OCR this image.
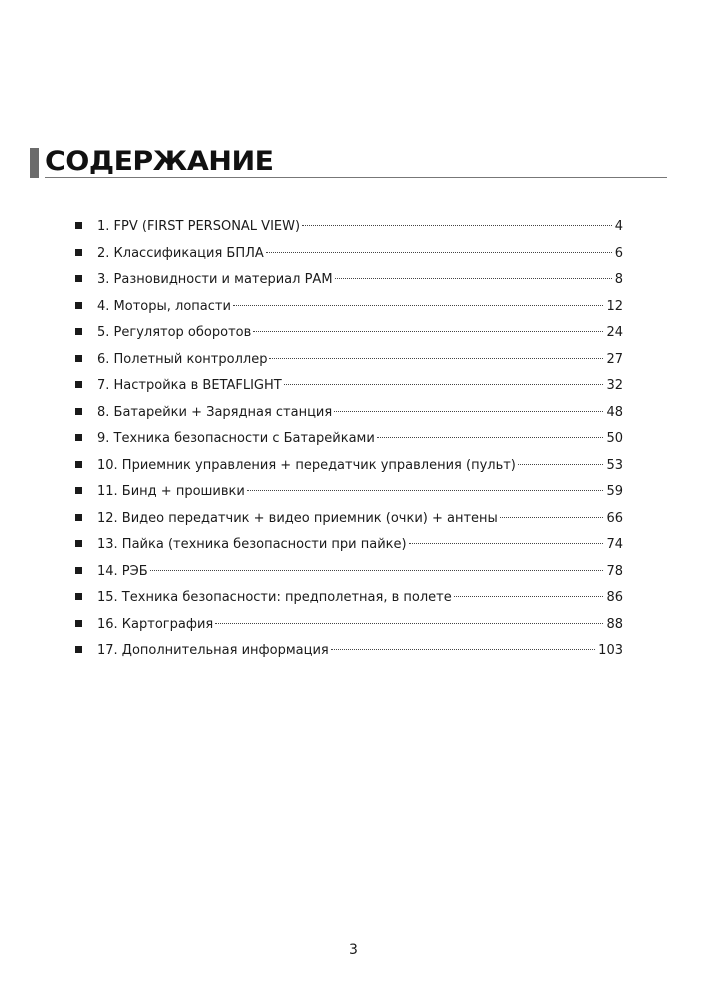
СОДЕРЖАНИЕ
1. FPV (FIRST PERSONAL VIEW)	4
2. Классификация БПЛА	6
3. Разновидности и материал РАМ	8
4. Моторы, лопасти	12
5. Регулятор оборотов	24
6. Полетный контроллер	27
7. Настройка в BETAFLIGHT	32
8. Батарейки + Зарядная станция	48
9. Техника безопасности с Батарейками	50
10. Приемник управления + передатчик управления (пульт)	53
11. Бинд + прошивки	59
12. Видео передатчик + видео приемник (очки) + антены	66
13. Пайка (техника безопасности при пайке)	74
14. РЭБ	78
15. Техника безопасности: предполетная, в полете	86
16. Картография	88
17. Дополнительная информация	103
3
